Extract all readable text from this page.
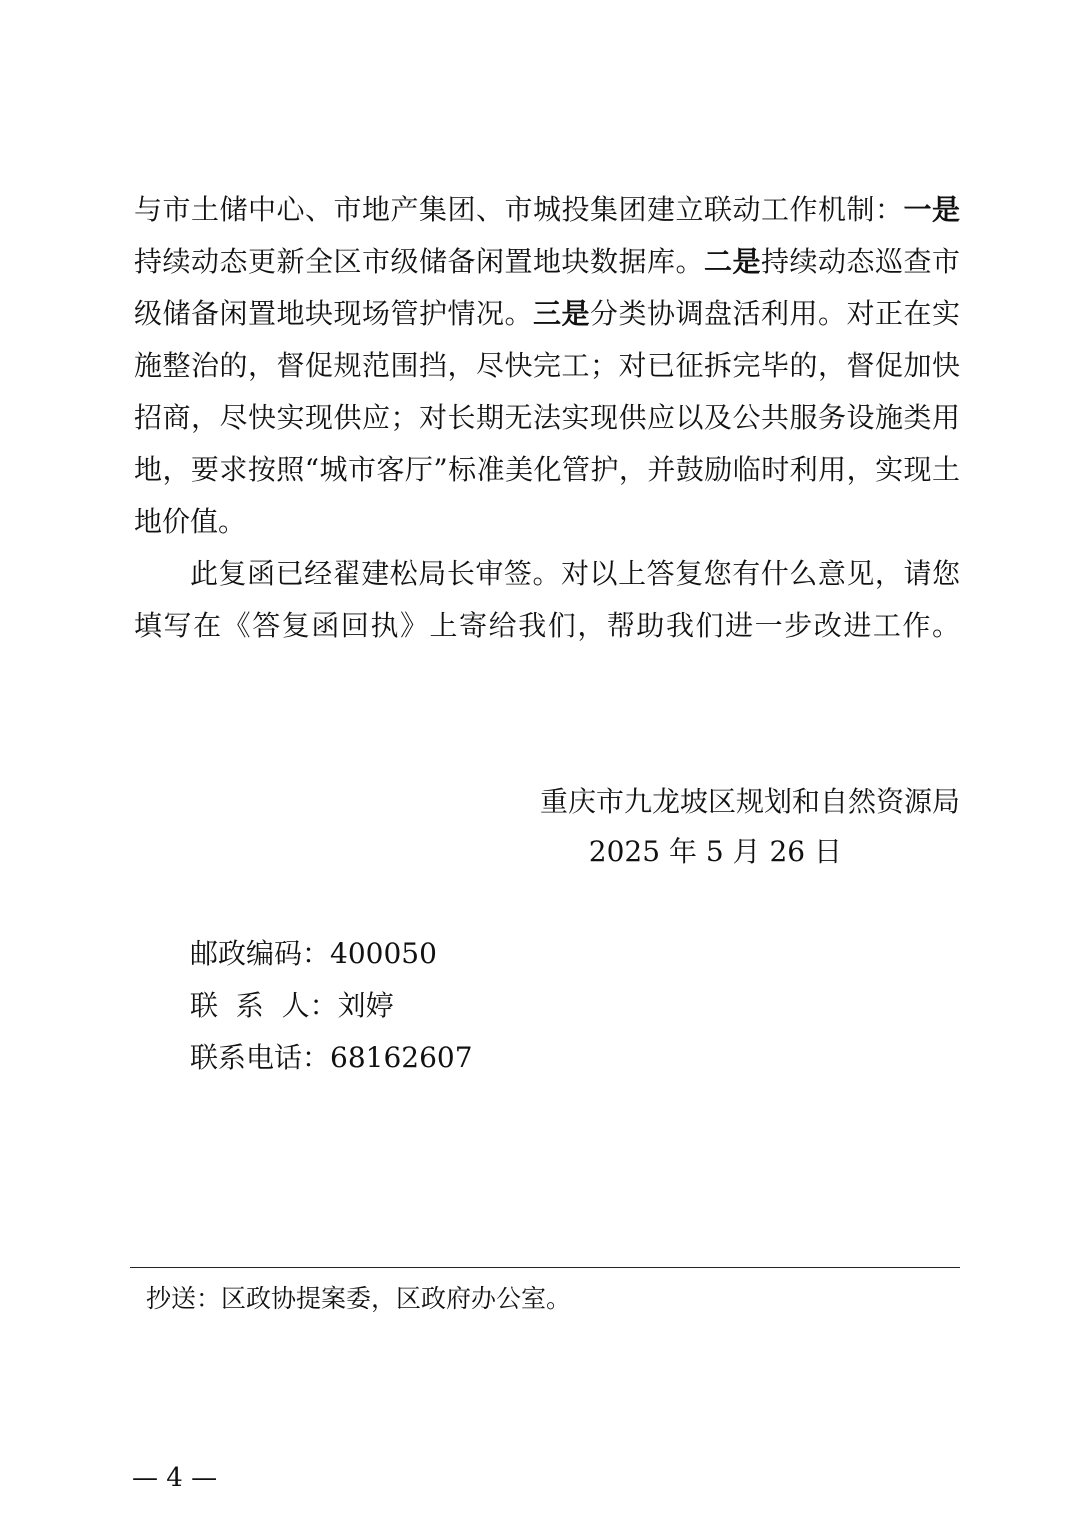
与市土储中心、市地产集团、市城投集团建立联动工作机制：一是

持续动态更新全区市级储备闲置地块数据库。二是持续动态巡查市

级储备闲置地块现场管护情况。三是分类协调盘活利用。对正在实

施整治的，督促规范围挡，尽快完工；对已征拆完毕的，督促加快

招商，尽快实现供应；对长期无法实现供应以及公共服务设施类用

地，要求按照“城市客厅”标准美化管护，并鼓励临时利用，实现土

地价值。

此复函已经翟建松局长审签。对以上答复您有什么意见，请您

填写在《答复函回执》上寄给我们，帮助我们进一步改进工作。

重庆市九龙坡区规划和自然资源局
2025 年 5 月 26 日
邮政编码：400050
联  系  人：刘婷
联系电话：68162607
抄送：区政协提案委，区政府办公室。
— 4 —
